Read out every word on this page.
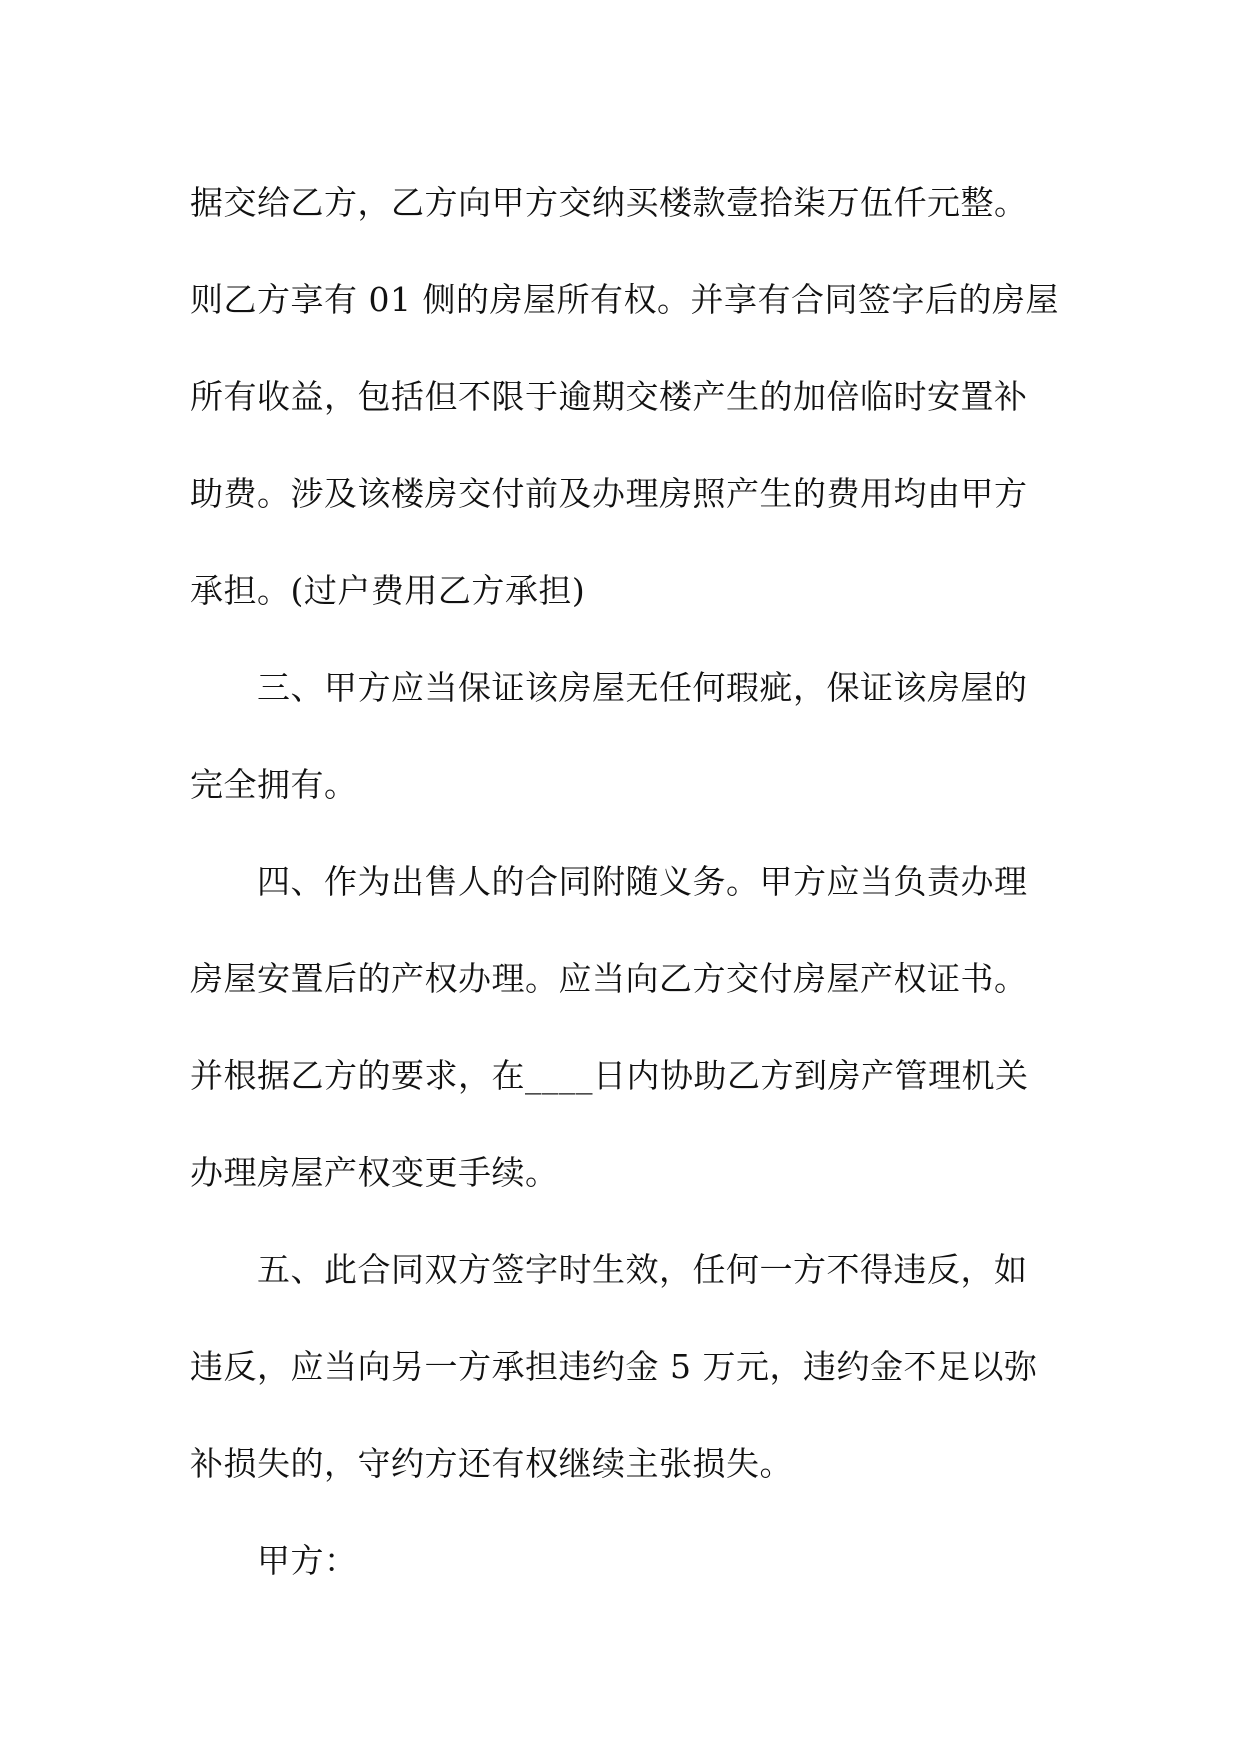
据交给乙方，乙方向甲方交纳买楼款壹拾柒万伍仟元整。
则乙方享有 01 侧的房屋所有权。并享有合同签字后的房屋
所有收益，包括但不限于逾期交楼产生的加倍临时安置补
助费。涉及该楼房交付前及办理房照产生的费用均由甲方
承担。(过户费用乙方承担)
三、甲方应当保证该房屋无任何瑕疵，保证该房屋的
完全拥有。
四、作为出售人的合同附随义务。甲方应当负责办理
房屋安置后的产权办理。应当向乙方交付房屋产权证书。
并根据乙方的要求，在____日内协助乙方到房产管理机关
办理房屋产权变更手续。
五、此合同双方签字时生效，任何一方不得违反，如
违反，应当向另一方承担违约金 5 万元，违约金不足以弥
补损失的，守约方还有权继续主张损失。
甲方：
